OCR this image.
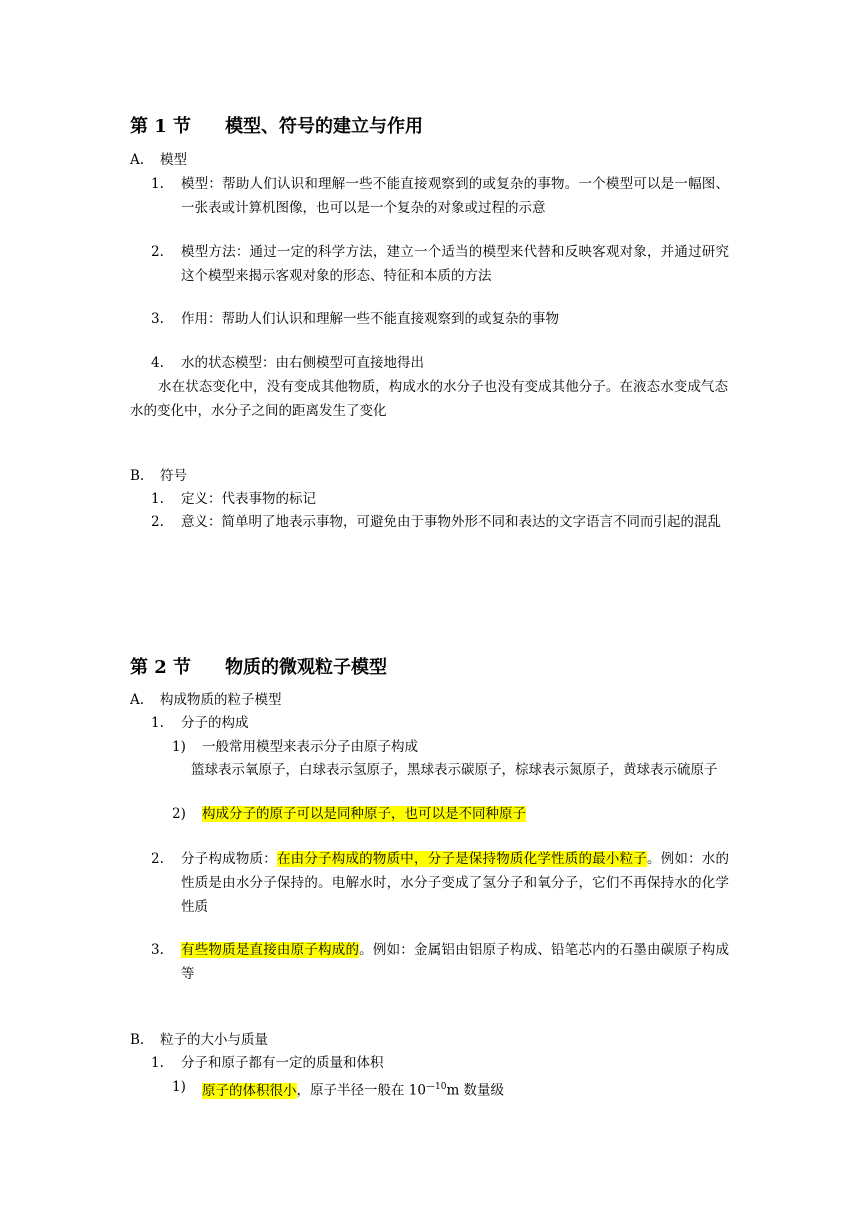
第 1 节 模型、符号的建立与作用
A. 模型
1. 模型：帮助人们认识和理解一些不能直接观察到的或复杂的事物。一个模型可以是一幅图、一张表或计算机图像，也可以是一个复杂的对象或过程的示意
2. 模型方法：通过一定的科学方法，建立一个适当的模型来代替和反映客观对象，并通过研究这个模型来揭示客观对象的形态、特征和本质的方法
3. 作用：帮助人们认识和理解一些不能直接观察到的或复杂的事物
4. 水的状态模型：由右侧模型可直接地得出
水在状态变化中，没有变成其他物质，构成水的水分子也没有变成其他分子。在液态水变成气态水的变化中，水分子之间的距离发生了变化
B. 符号
1. 定义：代表事物的标记
2. 意义：简单明了地表示事物，可避免由于事物外形不同和表达的文字语言不同而引起的混乱
第 2 节 物质的微观粒子模型
A. 构成物质的粒子模型
1. 分子的构成
1) 一般常用模型来表示分子由原子构成
篮球表示氧原子，白球表示氢原子，黑球表示碳原子，棕球表示氮原子，黄球表示硫原子
2) 构成分子的原子可以是同种原子，也可以是不同种原子
2. 分子构成物质：在由分子构成的物质中，分子是保持物质化学性质的最小粒子。例如：水的性质是由水分子保持的。电解水时，水分子变成了氢分子和氧分子，它们不再保持水的化学性质
3. 有些物质是直接由原子构成的。例如：金属铝由铝原子构成、铅笔芯内的石墨由碳原子构成等
B. 粒子的大小与质量
1. 分子和原子都有一定的质量和体积
1) 原子的体积很小，原子半径一般在 $10^{—10}m$ 数量级
